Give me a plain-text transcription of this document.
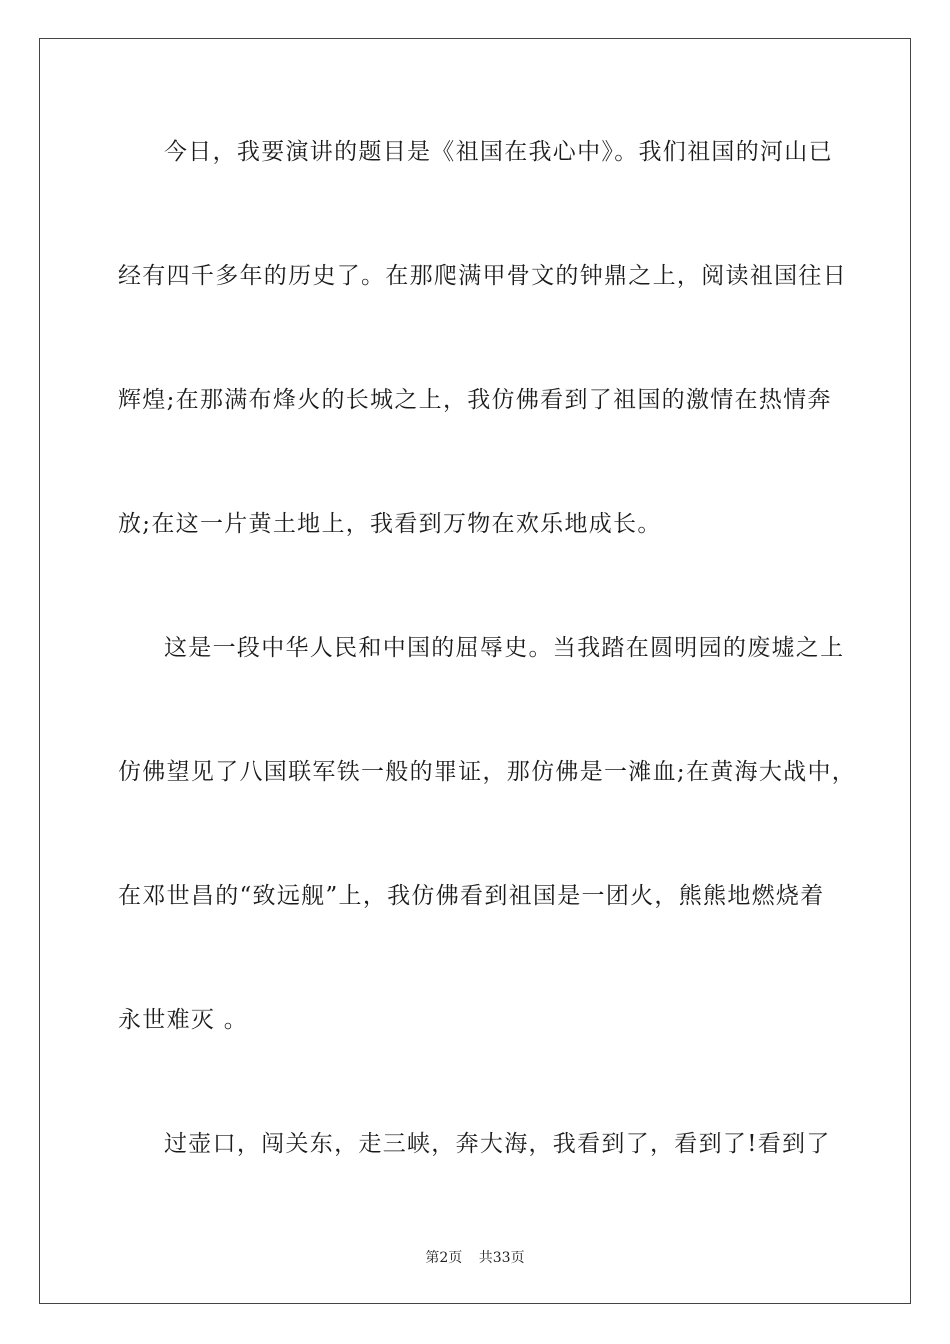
今日，我要演讲的题目是《祖国在我心中》。我们祖国的河山已
经有四千多年的历史了。在那爬满甲骨文的钟鼎之上，阅读祖国往日
辉煌;在那满布烽火的长城之上，我仿佛看到了祖国的激情在热情奔
放;在这一片黄土地上，我看到万物在欢乐地成长。
这是一段中华人民和中国的屈辱史。当我踏在圆明园的废墟之上
仿佛望见了八国联军铁一般的罪证，那仿佛是一滩血;在黄海大战中，
在邓世昌的“致远舰”上，我仿佛看到祖国是一团火，熊熊地燃烧着
永世难灭 。
过壶口，闯关东，走三峡，奔大海，我看到了，看到了!看到了
第2页 共33页
